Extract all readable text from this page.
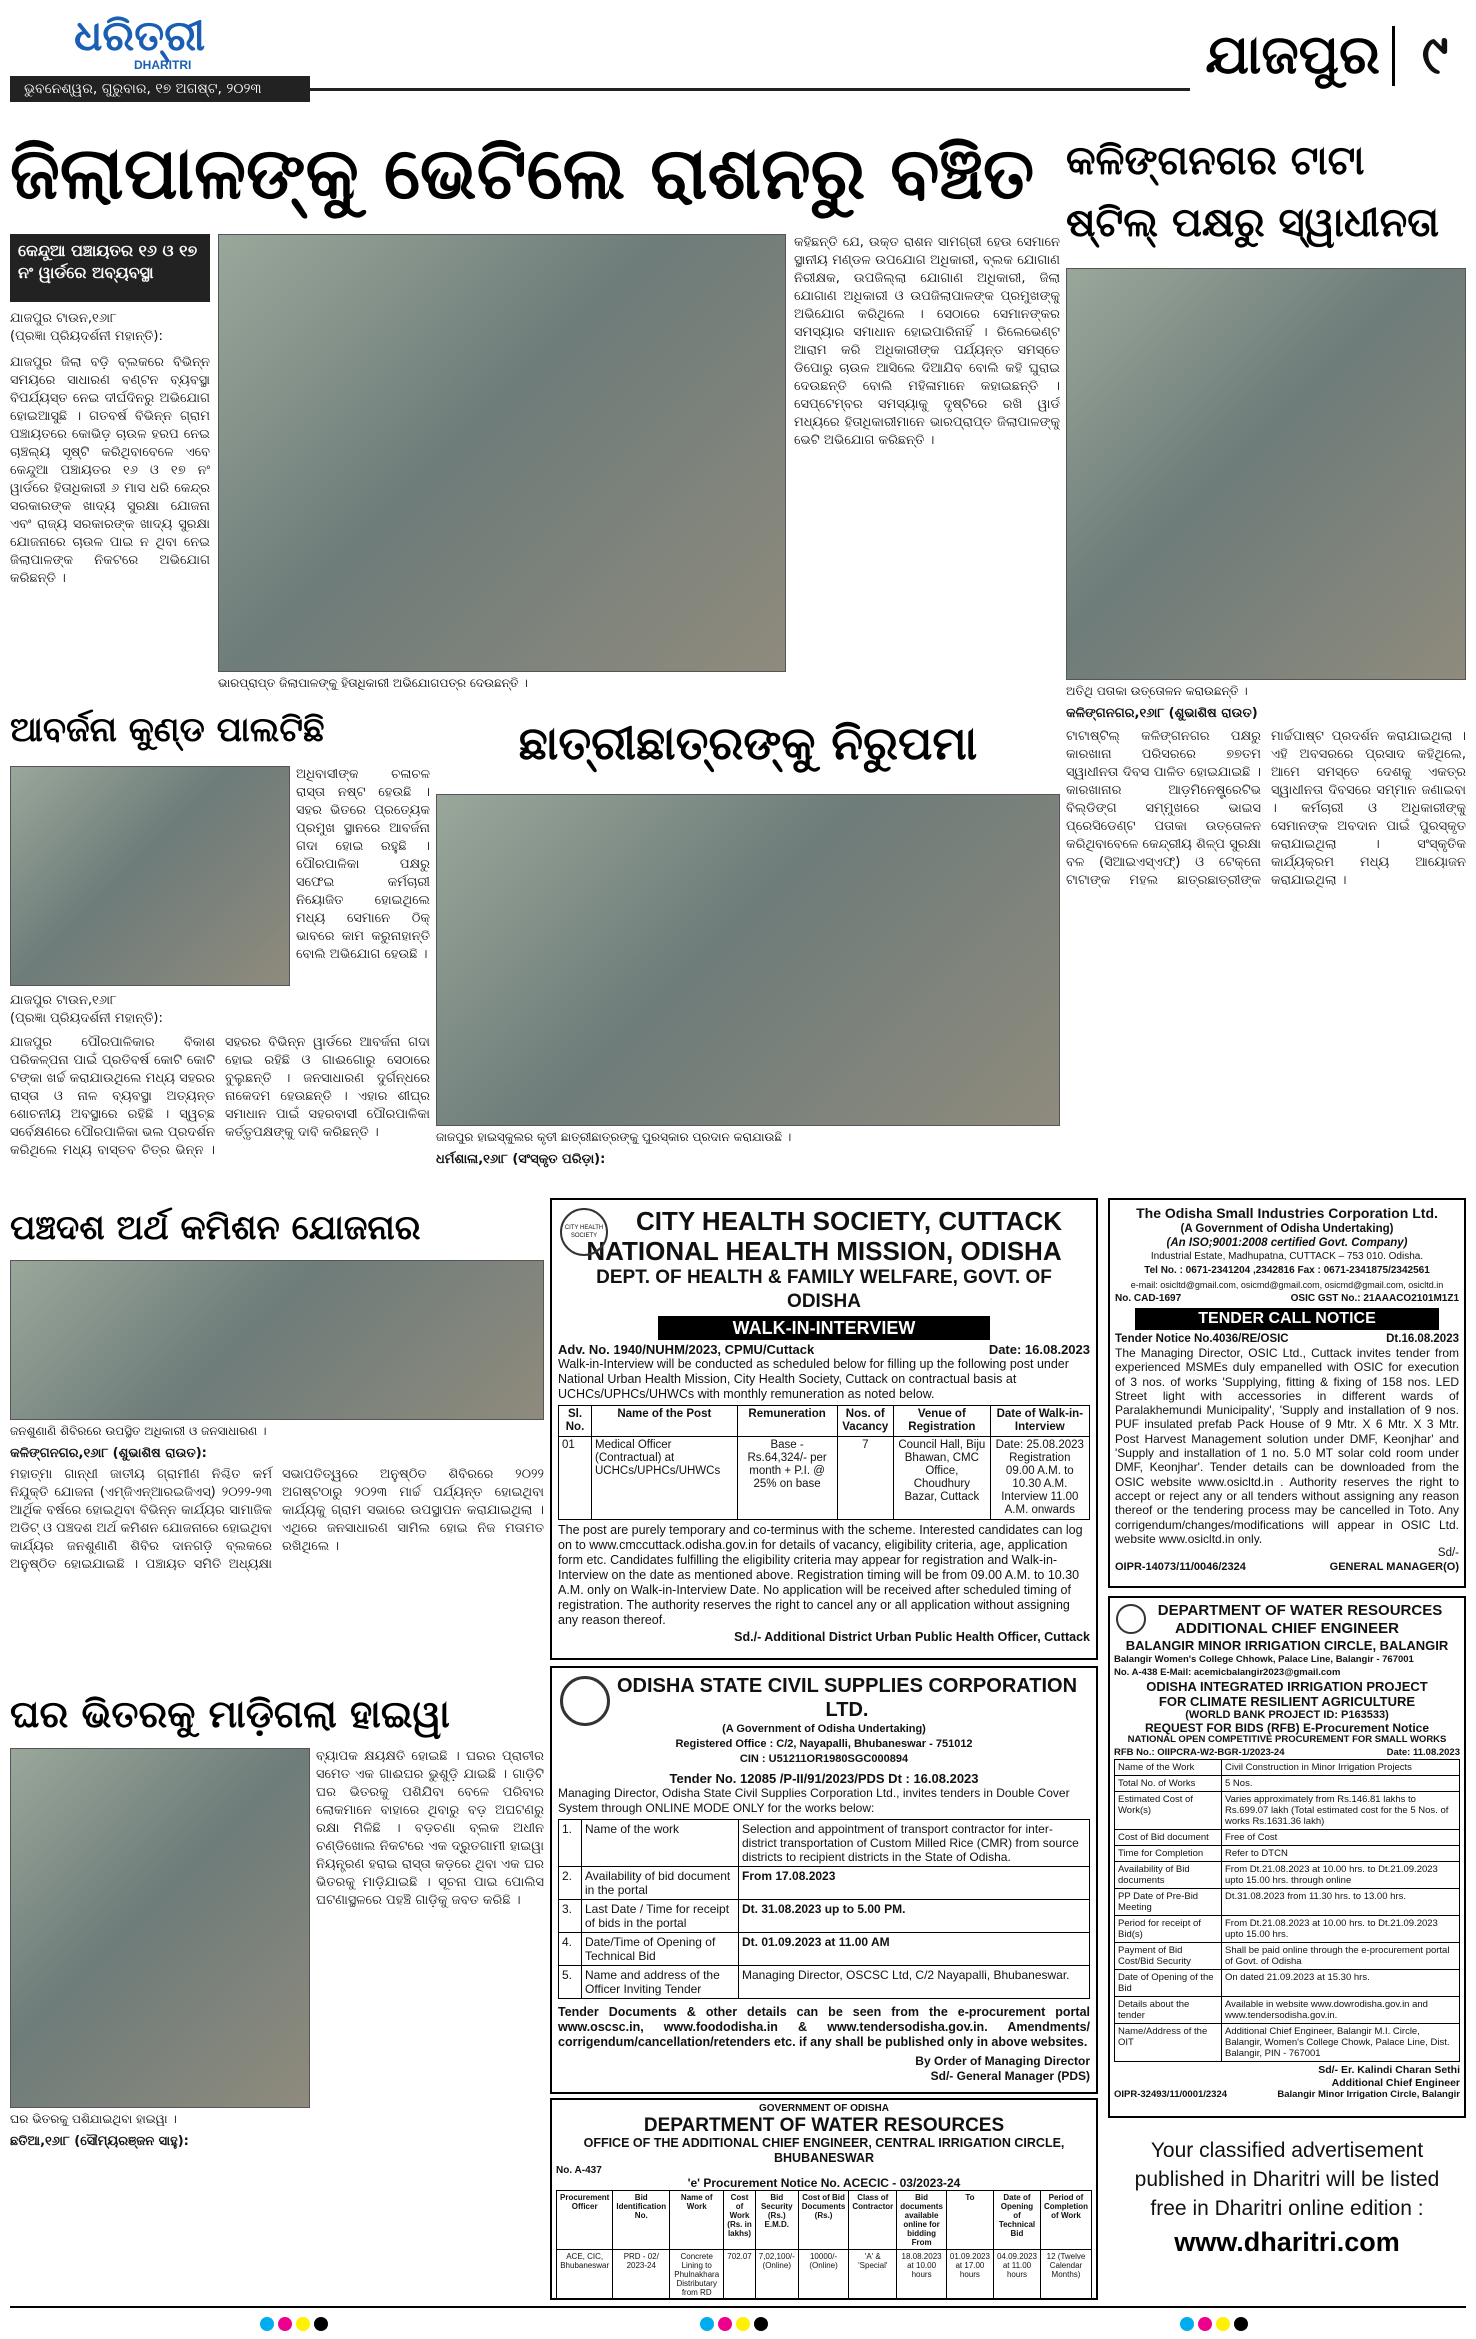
ଧରିତ୍ରୀ
DHARITRI
ଭୁବନେଶ୍ୱର, ଗୁରୁବାର, ୧୭ ଅଗଷ୍ଟ, ୨୦୨୩
ଯାଜପୁର ୯
ଜିଲାପାଳଙ୍କୁ ଭେଟିଲେ ରାଶନରୁ ବଞ୍ଚିତ
କେନ୍ଦୁଆ ପଞ୍ଚାୟତର ୧୬ ଓ ୧୭ ନଂ ୱାର୍ଡରେ ଅବ୍ୟବସ୍ଥା
ଭାରପ୍ରାପ୍ତ ଜିଲାପାଳଙ୍କୁ ହିତାଧିକାରୀ ଅଭିଯୋଗପତ୍ର ଦେଉଛନ୍ତି ।
ଯାଜପୁର ଟାଉନ,୧୬ା୮
(ପ୍ରଜ୍ଞା ପ୍ରିୟଦର୍ଶନୀ ମହାନ୍ତି):
ଯାଜପୁର ଜିଲା ବଡ଼ି ବ୍ଲକରେ ବିଭିନ୍ନ ସମୟରେ ସାଧାରଣ ବଣ୍ଟନ ବ୍ୟବସ୍ଥା ବିପର୍ଯ୍ୟସ୍ତ ନେଇ ଦୀର୍ଘଦିନରୁ ଅଭିଯୋଗ ହୋଇଆସୁଛି । ଗତବର୍ଷ ବିଭିନ୍ନ ଗ୍ରାମ ପଞ୍ଚାୟତରେ କୋଭିଡ଼ ଚାଉଳ ହରପ ନେଇ ଚାଞ୍ଚଲ୍ୟ ସୃଷ୍ଟି କରିଥିବାବେଳେ ଏବେ କେନ୍ଦୁଆ ପଞ୍ଚାୟତର ୧୬ ଓ ୧୭ ନଂ ୱାର୍ଡରେ ହିତାଧିକାରୀ ୬ ମାସ ଧରି କେନ୍ଦ୍ର ସରକାରଙ୍କ ଖାଦ୍ୟ ସୁରକ୍ଷା ଯୋଜନା ଏବଂ ରାଜ୍ୟ ସରକାରଙ୍କ ଖାଦ୍ୟ ସୁରକ୍ଷା ଯୋଜନାରେ ଚାଉଳ ପାଇ ନ ଥିବା ନେଇ ଜିଲାପାଳଙ୍କ ନିକଟରେ ଅଭିଯୋଗ କରିଛନ୍ତି ।
କହିଛନ୍ତି ଯେ, ଉକ୍ତ ରାଶନ ସାମଗ୍ରୀ ହେଉ ସେମାନେ ସ୍ଥାନୀୟ ମଣ୍ଡଳ ଉପଯୋଗ ଅଧିକାରୀ, ବ୍ଲକ ଯୋଗାଣ ନିରୀକ୍ଷକ, ଉପଜିଲ୍ଲା ଯୋଗାଣ ଅଧିକାରୀ, ଜିଲା ଯୋଗାଣ ଅଧିକାରୀ ଓ ଉପଜିଲାପାଳଙ୍କ ପ୍ରମୁଖଙ୍କୁ ଅଭିଯୋଗ କରିଥିଲେ । ସେଠାରେ ସେମାନଙ୍କର ସମସ୍ୟାର ସମାଧାନ ହୋଇପାରିନାହିଁ । ରିଲେଭେଣ୍ଟ ଆରାମ କରି ଅଧିକାରୀଙ୍କ ପର୍ଯ୍ୟନ୍ତ ସମସ୍ତେ ଡିପୋରୁ ଚାଉଳ ଆସିଲେ ଦିଆଯିବ ବୋଲି କହି ଘୁରାଇ ଦେଉଛନ୍ତି ବୋଲି ମହିଳାମାନେ କହାଇଛନ୍ତି । ସେପ୍ଟେମ୍ବର ସମସ୍ୟାକୁ ଦୃଷ୍ଟିରେ ରଖି ୱାର୍ଡ ମଧ୍ୟରେ ହିତାଧିକାରୀମାନେ ଭାରପ୍ରାପ୍ତ ଜିଲାପାଳଙ୍କୁ ଭେଟି ଅଭିଯୋଗ କରିଛନ୍ତି ।
କଳିଙ୍ଗନଗର ଟାଟା ଷ୍ଟିଲ୍ ପକ୍ଷରୁ ସ୍ୱାଧୀନତା
ଅତିଥି ପତାକା ଉତ୍ତୋଳନ କରାଉଛନ୍ତି ।
କଳିଙ୍ଗନଗର,୧୬ା୮ (ଶୁଭାଶିଷ ରାଉତ)
ଟାଟାଷ୍ଟିଲ୍ କଳିଙ୍ଗନଗର ପକ୍ଷରୁ କାରଖାନା ପରିସରରେ ୭୭ତମ ସ୍ୱାଧୀନତା ଦିବସ ପାଳିତ ହୋଇଯାଇଛି । କାରଖାନାର ଆଡ଼ମିନେଷ୍ଟ୍ରେଟିଭ ବିଲ୍ଡିଙ୍ଗ ସମ୍ମୁଖରେ ଭାଇସ ପ୍ରେସିଡେଣ୍ଟ ପତାକା ଉତ୍ତୋଳନ କରିଥିବାବେଳେ କେନ୍ଦ୍ରୀୟ ଶିଳ୍ପ ସୁରକ୍ଷା ବଳ (ସିଆଇଏସ୍ଏଫ୍) ଓ ଟେକ୍ନୋ ଟାଟାଙ୍କ ମହଲ ଛାତ୍ରଛାତ୍ରୀଙ୍କ ମାର୍ଚ୍ଚପାଷ୍ଟ ପ୍ରଦର୍ଶନ କରାଯାଇଥିଲା । ଏହି ଅବସରରେ ପ୍ରସାଦ କହିଥିଲେ, ଆମେ ସମସ୍ତେ ଦେଶକୁ ଏକତ୍ର ସ୍ୱାଧୀନତା ଦିବସରେ ସମ୍ମାନ ଜଣାଇବା । କର୍ମଚାରୀ ଓ ଅଧିକାରୀଙ୍କୁ ସେମାନଙ୍କ ଅବଦାନ ପାଇଁ ପୁରସ୍କୃତ କରାଯାଇଥିଲା । ସଂସ୍କୃତିକ କାର୍ଯ୍ୟକ୍ରମ ମଧ୍ୟ ଆୟୋଜନ କରାଯାଇଥିଲା ।
ଆବର୍ଜନା କୁଣ୍ଡ ପାଲଟିଛି
ଅଧିବାସୀଙ୍କ ଚଳାଚଳ ରାସ୍ତା ନଷ୍ଟ ହେଉଛି । ସହର ଭିତରେ ପ୍ରତ୍ୟେକ ପ୍ରମୁଖ ସ୍ଥାନରେ ଆବର୍ଜନା ଗଦା ହୋଇ ରହୁଛି । ପୌରପାଳିକା ପକ୍ଷରୁ ସଫେଇ କର୍ମଚାରୀ ନିୟୋଜିତ ହୋଇଥିଲେ ମଧ୍ୟ ସେମାନେ ଠିକ୍ ଭାବରେ କାମ କରୁନାହାନ୍ତି ବୋଲି ଅଭିଯୋଗ ହେଉଛି ।
ଯାଜପୁର ଟାଉନ,୧୬ା୮
(ପ୍ରଜ୍ଞା ପ୍ରିୟଦର୍ଶନୀ ମହାନ୍ତି):
ଯାଜପୁର ପୌରପାଳିକାର ବିକାଶ ପରିକଳ୍ପନା ପାଇଁ ପ୍ରତିବର୍ଷ କୋଟି କୋଟି ଟଙ୍କା ଖର୍ଚ୍ଚ କରାଯାଉଥିଲେ ମଧ୍ୟ ସହରର ରାସ୍ତା ଓ ନାଳ ବ୍ୟବସ୍ଥା ଅତ୍ୟନ୍ତ ଶୋଚନୀୟ ଅବସ୍ଥାରେ ରହିଛି । ସ୍ୱଚ୍ଛ ସର୍ବେକ୍ଷଣରେ ପୌରପାଳିକା ଭଲ ପ୍ରଦର୍ଶନ କରିଥିଲେ ମଧ୍ୟ ବାସ୍ତବ ଚିତ୍ର ଭିନ୍ନ । ସହରର ବିଭିନ୍ନ ୱାର୍ଡରେ ଆବର୍ଜନା ଗଦା ହୋଇ ରହିଛି ଓ ଗାଈଗୋରୁ ସେଠାରେ ବୁଲୁଛନ୍ତି । ଜନସାଧାରଣ ଦୁର୍ଗନ୍ଧରେ ନାକେଦମ ହେଉଛନ୍ତି । ଏହାର ଶୀଘ୍ର ସମାଧାନ ପାଇଁ ସହରବାସୀ ପୌରପାଳିକା କର୍ତ୍ତୃପକ୍ଷଙ୍କୁ ଦାବି କରିଛନ୍ତି ।
ଛାତ୍ରୀଛାତ୍ରଙ୍କୁ ନିରୁପମା
ଜାଜପୁର ହାଇସ୍କୁଲର କୃତୀ ଛାତ୍ରୀଛାତ୍ରଙ୍କୁ ପୁରସ୍କାର ପ୍ରଦାନ କରାଯାଉଛି ।
ଧର୍ମଶାଳା,୧୬ା୮ (ସଂସ୍କୃତ ପରିଡ଼ା):
ପଞ୍ଚଦଶ ଅର୍ଥ କମିଶନ ଯୋଜନାର
ଜନଶୁଣାଣି ଶିବିରରେ ଉପସ୍ଥିତ ଅଧିକାରୀ ଓ ଜନସାଧାରଣ ।
କଳିଙ୍ଗନଗର,୧୬ା୮ (ଶୁଭାଶିଷ ରାଉତ):
ମହାତ୍ମା ଗାନ୍ଧୀ ଜାତୀୟ ଗ୍ରାମୀଣ ନିଶ୍ଚିତ କର୍ମ ନିଯୁକ୍ତି ଯୋଜନା (ଏମ୍‌ଜିଏନ୍‌ଆରଇଜିଏସ୍) ୨୦୨୨-୨୩ ଆର୍ଥିକ ବର୍ଷରେ ହୋଇଥିବା ବିଭିନ୍ନ କାର୍ଯ୍ୟର ସାମାଜିକ ଅଡିଟ୍ ଓ ପଞ୍ଚଦଶ ଅର୍ଥ କମିଶନ ଯୋଜନାରେ ହୋଇଥିବା କାର୍ଯ୍ୟର ଜନଶୁଣାଣି ଶିବିର ଦାନଗଡ଼ି ବ୍ଲକରେ ଅନୁଷ୍ଠିତ ହୋଇଯାଇଛି । ପଞ୍ଚାୟତ ସମିତି ଅଧ୍ୟକ୍ଷା ସଭାପତିତ୍ୱରେ ଅନୁଷ୍ଠିତ ଶିବିରରେ ୨୦୨୨ ଅଗଷ୍ଟଠାରୁ ୨୦୨୩ ମାର୍ଚ୍ଚ ପର୍ଯ୍ୟନ୍ତ ହୋଇଥିବା କାର୍ଯ୍ୟକୁ ଗ୍ରାମ ସଭାରେ ଉପସ୍ଥାପନ କରାଯାଇଥିଲା । ଏଥିରେ ଜନସାଧାରଣ ସାମିଲ ହୋଇ ନିଜ ମତାମତ ରଖିଥିଲେ ।
ଘର ଭିତରକୁ ମାଡ଼ିଗଲା ହାଇୱା
ଘର ଭିତରକୁ ପଶିଯାଇଥିବା ହାଇୱା ।
ଛତିଆ,୧୬ା୮ (ସୌମ୍ୟରଞ୍ଜନ ସାହୁ):
ବ୍ୟାପକ କ୍ଷୟକ୍ଷତି ହୋଇଛି । ଘରର ପ୍ରାଚୀର ସମେତ ଏକ ଗାଈଘର ଭୁଶୁଡ଼ି ଯାଇଛି । ଗାଡ଼ିଟି ଘର ଭିତରକୁ ପଶିଯିବା ବେଳେ ପରିବାର ଲୋକମାନେ ବାହାରେ ଥିବାରୁ ବଡ଼ ଅଘଟଣରୁ ରକ୍ଷା ମିଳିଛି । ବଡ଼ଚଣା ବ୍ଲକ ଅଧୀନ ଚଣ୍ଡିଖୋଲ ନିକଟରେ ଏକ ଦ୍ରୁତଗାମୀ ହାଇୱା ନିୟନ୍ତ୍ରଣ ହରାଇ ରାସ୍ତା କଡ଼ରେ ଥିବା ଏକ ଘର ଭିତରକୁ ମାଡ଼ିଯାଇଛି । ସୂଚନା ପାଇ ପୋଲିସ ଘଟଣାସ୍ଥଳରେ ପହଞ୍ଚି ଗାଡ଼ିକୁ ଜବତ କରିଛି ।
CITY HEALTH SOCIETY	CITY HEALTH SOCIETY, CUTTACK
NATIONAL HEALTH MISSION, ODISHA
DEPT. OF HEALTH & FAMILY WELFARE, GOVT. OF ODISHA
WALK-IN-INTERVIEW
Adv. No. 1940/NUHM/2023, CPMU/Cuttack	Date: 16.08.2023
Walk-in-Interview will be conducted as scheduled below for filling up the following post under National Urban Health Mission, City Health Society, Cuttack on contractual basis at UCHCs/UPHCs/UHWCs with monthly remuneration as noted below.
Sl. No.	Name of the Post	Remuneration	Nos. of Vacancy	Venue of Registration	Date of Walk-in-Interview
01	Medical Officer (Contractual) at UCHCs/UPHCs/UHWCs	Base - Rs.64,324/- per month + P.I. @ 25% on base	7	Council Hall, Biju Bhawan, CMC Office, Choudhury Bazar, Cuttack	Date: 25.08.2023 Registration 09.00 A.M. to 10.30 A.M. Interview 11.00 A.M. onwards
The post are purely temporary and co-terminus with the scheme. Interested candidates can log on to www.cmccuttack.odisha.gov.in for details of vacancy, eligibility criteria, age, application form etc. Candidates fulfilling the eligibility criteria may appear for registration and Walk-in-Interview on the date as mentioned above. Registration timing will be from 09.00 A.M. to 10.30 A.M. only on Walk-in-Interview Date. No application will be received after scheduled timing of registration. The authority reserves the right to cancel any or all application without assigning any reason thereof.
Sd./- Additional District Urban Public Health Officer, Cuttack
The Odisha Small Industries Corporation Ltd.
(A Government of Odisha Undertaking)
(An ISO;9001:2008 certified Govt. Company)
Industrial Estate, Madhupatna, CUTTACK – 753 010. Odisha.
Tel No. : 0671-2341204 ,2342816 Fax : 0671-2341875/2342561
e-mail: osicltd@gmail.com, osicmd@gmail.com, osicmd@gmail.com, osicltd.in
No. CAD-1697	OSIC GST No.: 21AAACO2101M1Z1
TENDER CALL NOTICE
Tender Notice No.4036/RE/OSIC	Dt.16.08.2023
The Managing Director, OSIC Ltd., Cuttack invites tender from experienced MSMEs duly empanelled with OSIC for execution of 3 nos. of works 'Supplying, fitting & fixing of 158 nos. LED Street light with accessories in different wards of Paralakhemundi Municipality', 'Supply and installation of 9 nos. PUF insulated prefab Pack House of 9 Mtr. X 6 Mtr. X 3 Mtr. Post Harvest Management solution under DMF, Keonjhar' and 'Supply and installation of 1 no. 5.0 MT solar cold room under DMF, Keonjhar'. Tender details can be downloaded from the OSIC website www.osicltd.in . Authority reserves the right to accept or reject any or all tenders without assigning any reason thereof or the tendering process may be cancelled in Toto. Any corrigendum/changes/modifications will appear in OSIC Ltd. website www.osicltd.in only.
Sd/-
OIPR-14073/11/0046/2324	GENERAL MANAGER(O)
ODISHA STATE CIVIL SUPPLIES CORPORATION LTD.
(A Government of Odisha Undertaking)
Registered Office : C/2, Nayapalli, Bhubaneswar - 751012
CIN : U51211OR1980SGC000894
Tender No. 12085 /P-II/91/2023/PDS Dt : 16.08.2023
Managing Director, Odisha State Civil Supplies Corporation Ltd., invites tenders in Double Cover System through ONLINE MODE ONLY for the works below:
1.	Name of the work	Selection and appointment of transport contractor for inter-district transportation of Custom Milled Rice (CMR) from source districts to recipient districts in the State of Odisha.
2.	Availability of bid document in the portal	From 17.08.2023
3.	Last Date / Time for receipt of bids in the portal	Dt. 31.08.2023 up to 5.00 PM.
4.	Date/Time of Opening of Technical Bid	Dt. 01.09.2023 at 11.00 AM
5.	Name and address of the Officer Inviting Tender	Managing Director, OSCSC Ltd, C/2 Nayapalli, Bhubaneswar.
Tender Documents & other details can be seen from the e-procurement portal www.oscsc.in, www.foododisha.in & www.tendersodisha.gov.in. Amendments/ corrigendum/cancellation/retenders etc. if any shall be published only in above websites.
By Order of Managing Director
Sd/- General Manager (PDS)
DEPARTMENT OF WATER RESOURCES
ADDITIONAL CHIEF ENGINEER
BALANGIR MINOR IRRIGATION CIRCLE, BALANGIR
Balangir Women's College Chhowk, Palace Line, Balangir - 767001
No. A-438 E-Mail: acemicbalangir2023@gmail.com
ODISHA INTEGRATED IRRIGATION PROJECT
FOR CLIMATE RESILIENT AGRICULTURE
(WORLD BANK PROJECT ID: P163533)
REQUEST FOR BIDS (RFB) E-Procurement Notice
NATIONAL OPEN COMPETITIVE PROCUREMENT FOR SMALL WORKS
RFB No.: OIIPCRA-W2-BGR-1/2023-24	Date: 11.08.2023
Name of the Work	Civil Construction in Minor Irrigation Projects
Total No. of Works	5 Nos.
Estimated Cost of Work(s)	Varies approximately from Rs.146.81 lakhs to Rs.699.07 lakh (Total estimated cost for the 5 Nos. of works Rs.1631.36 lakh)
Cost of Bid document	Free of Cost
Time for Completion	Refer to DTCN
Availability of Bid documents	From Dt.21.08.2023 at 10.00 hrs. to Dt.21.09.2023 upto 15.00 hrs. through online
PP Date of Pre-Bid Meeting	Dt.31.08.2023 from 11.30 hrs. to 13.00 hrs.
Period for receipt of Bid(s)	From Dt.21.08.2023 at 10.00 hrs. to Dt.21.09.2023 upto 15.00 hrs.
Payment of Bid Cost/Bid Security	Shall be paid online through the e-procurement portal of Govt. of Odisha
Date of Opening of the Bid	On dated 21.09.2023 at 15.30 hrs.
Details about the tender	Available in website www.dowrodisha.gov.in and www.tendersodisha.gov.in.
Name/Address of the OIT	Additional Chief Engineer, Balangir M.I. Circle, Balangir, Women's College Chowk, Palace Line, Dist. Balangir, PIN - 767001
Sd/- Er. Kalindi Charan Sethi
Additional Chief Engineer
OIPR-32493/11/0001/2324	Balangir Minor Irrigation Circle, Balangir
GOVERNMENT OF ODISHA
DEPARTMENT OF WATER RESOURCES
OFFICE OF THE ADDITIONAL CHIEF ENGINEER, CENTRAL IRRIGATION CIRCLE, BHUBANESWAR
No. A-437
'e' Procurement Notice No. ACECIC - 03/2023-24
Procurement Officer	Bid Identification No.	Name of Work	Cost of Work (Rs. in lakhs)	Bid Security (Rs.) E.M.D.	Cost of Bid Documents (Rs.)	Class of Contractor	Bid documents available online for bidding From	To	Date of Opening of Technical Bid	Period of Completion of Work
ACE, CIC, Bhubaneswar	PRD - 02/ 2023-24	Concrete Lining to Phulnakhara Distributary from RD	702.07	7,02,100/- (Online)	10000/- (Online)	'A' & 'Special'	18.08.2023 at 10.00 hours	01.09.2023 at 17.00 hours	04.09.2023 at 11.00 hours	12 (Twelve Calendar Months)
Your classified advertisement published in Dharitri will be listed free in Dharitri online edition :
www.dharitri.com
